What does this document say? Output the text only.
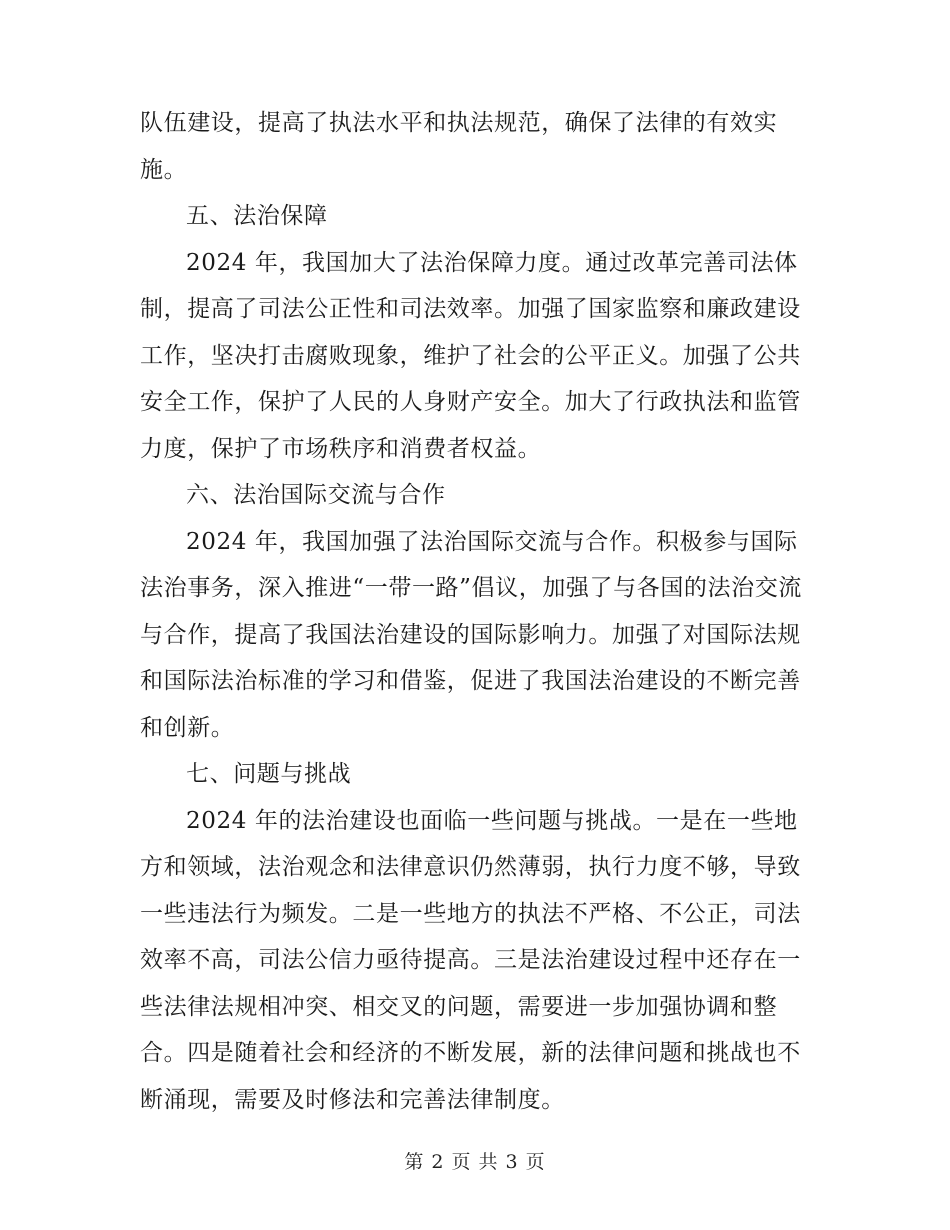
队伍建设，提高了执法水平和执法规范，确保了法律的有效实施。

五、法治保障

2024 年，我国加大了法治保障力度。通过改革完善司法体制，提高了司法公正性和司法效率。加强了国家监察和廉政建设工作，坚决打击腐败现象，维护了社会的公平正义。加强了公共安全工作，保护了人民的人身财产安全。加大了行政执法和监管力度，保护了市场秩序和消费者权益。

六、法治国际交流与合作

2024 年，我国加强了法治国际交流与合作。积极参与国际法治事务，深入推进“一带一路”倡议，加强了与各国的法治交流与合作，提高了我国法治建设的国际影响力。加强了对国际法规和国际法治标准的学习和借鉴，促进了我国法治建设的不断完善和创新。

七、问题与挑战

2024 年的法治建设也面临一些问题与挑战。一是在一些地方和领域，法治观念和法律意识仍然薄弱，执行力度不够，导致一些违法行为频发。二是一些地方的执法不严格、不公正，司法效率不高，司法公信力亟待提高。三是法治建设过程中还存在一些法律法规相冲突、相交叉的问题，需要进一步加强协调和整合。四是随着社会和经济的不断发展，新的法律问题和挑战也不断涌现，需要及时修法和完善法律制度。

第 2 页 共 3 页
